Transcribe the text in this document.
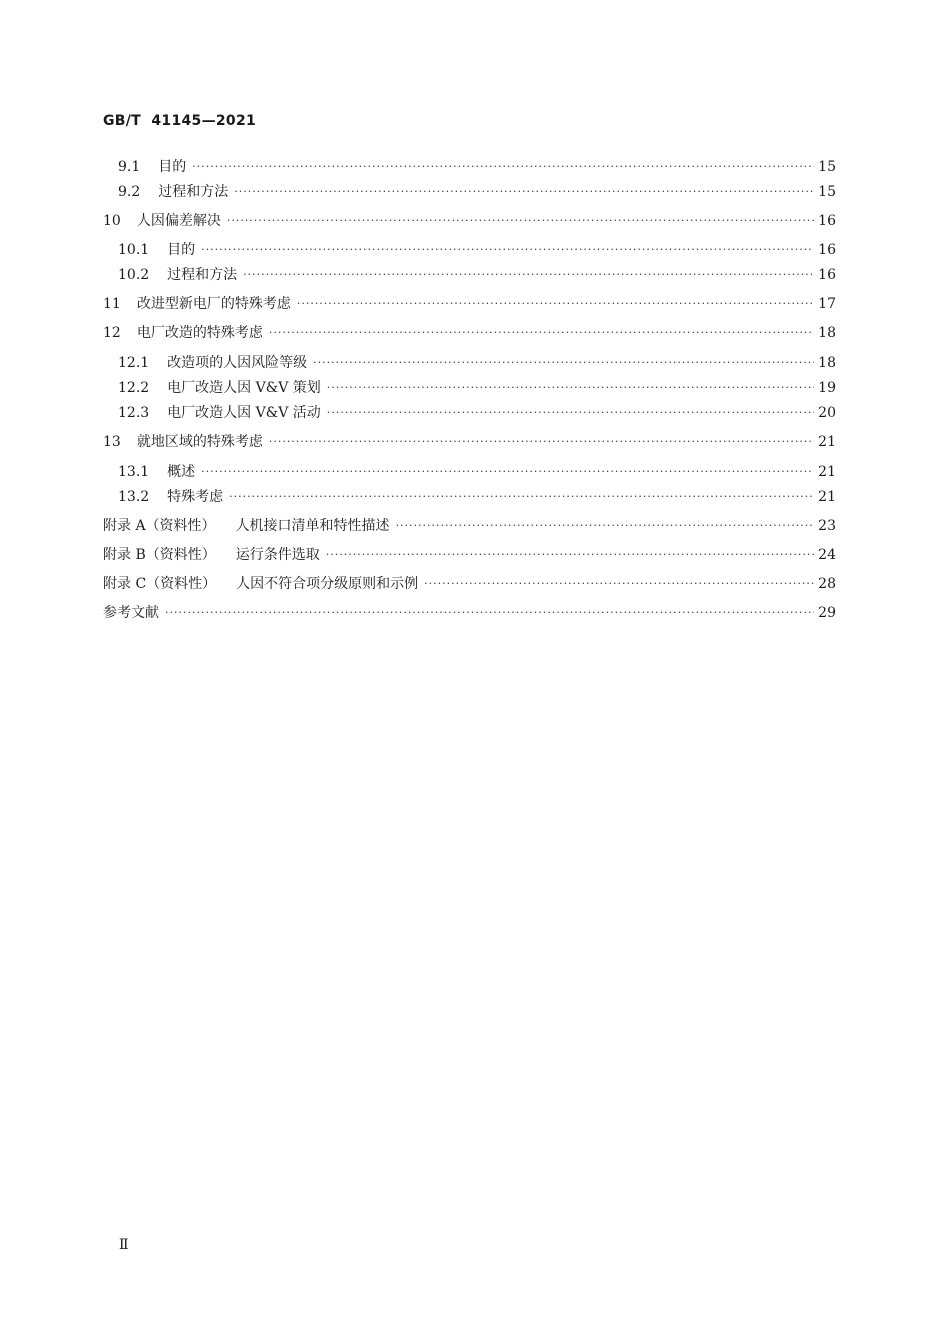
GB/T  41145—2021
9.1 目的 ·····	15
9.2 过程和方法 ·····	15
10 人因偏差解决 ·····	16
10.1 目的 ·····	16
10.2 过程和方法 ·····	16
11 改进型新电厂的特殊考虑 ·····	17
12 电厂改造的特殊考虑 ·····	18
12.1 改造项的人因风险等级 ·····	18
12.2 电厂改造人因 V&V 策划 ·····	19
12.3 电厂改造人因 V&V 活动 ·····	20
13 就地区域的特殊考虑 ·····	21
13.1 概述 ·····	21
13.2 特殊考虑 ·····	21
附录 A（资料性） 人机接口清单和特性描述 ·····	23
附录 B（资料性） 运行条件选取 ·····	24
附录 C（资料性） 人因不符合项分级原则和示例 ·····	28
参考文献 ·····	29
Ⅱ
